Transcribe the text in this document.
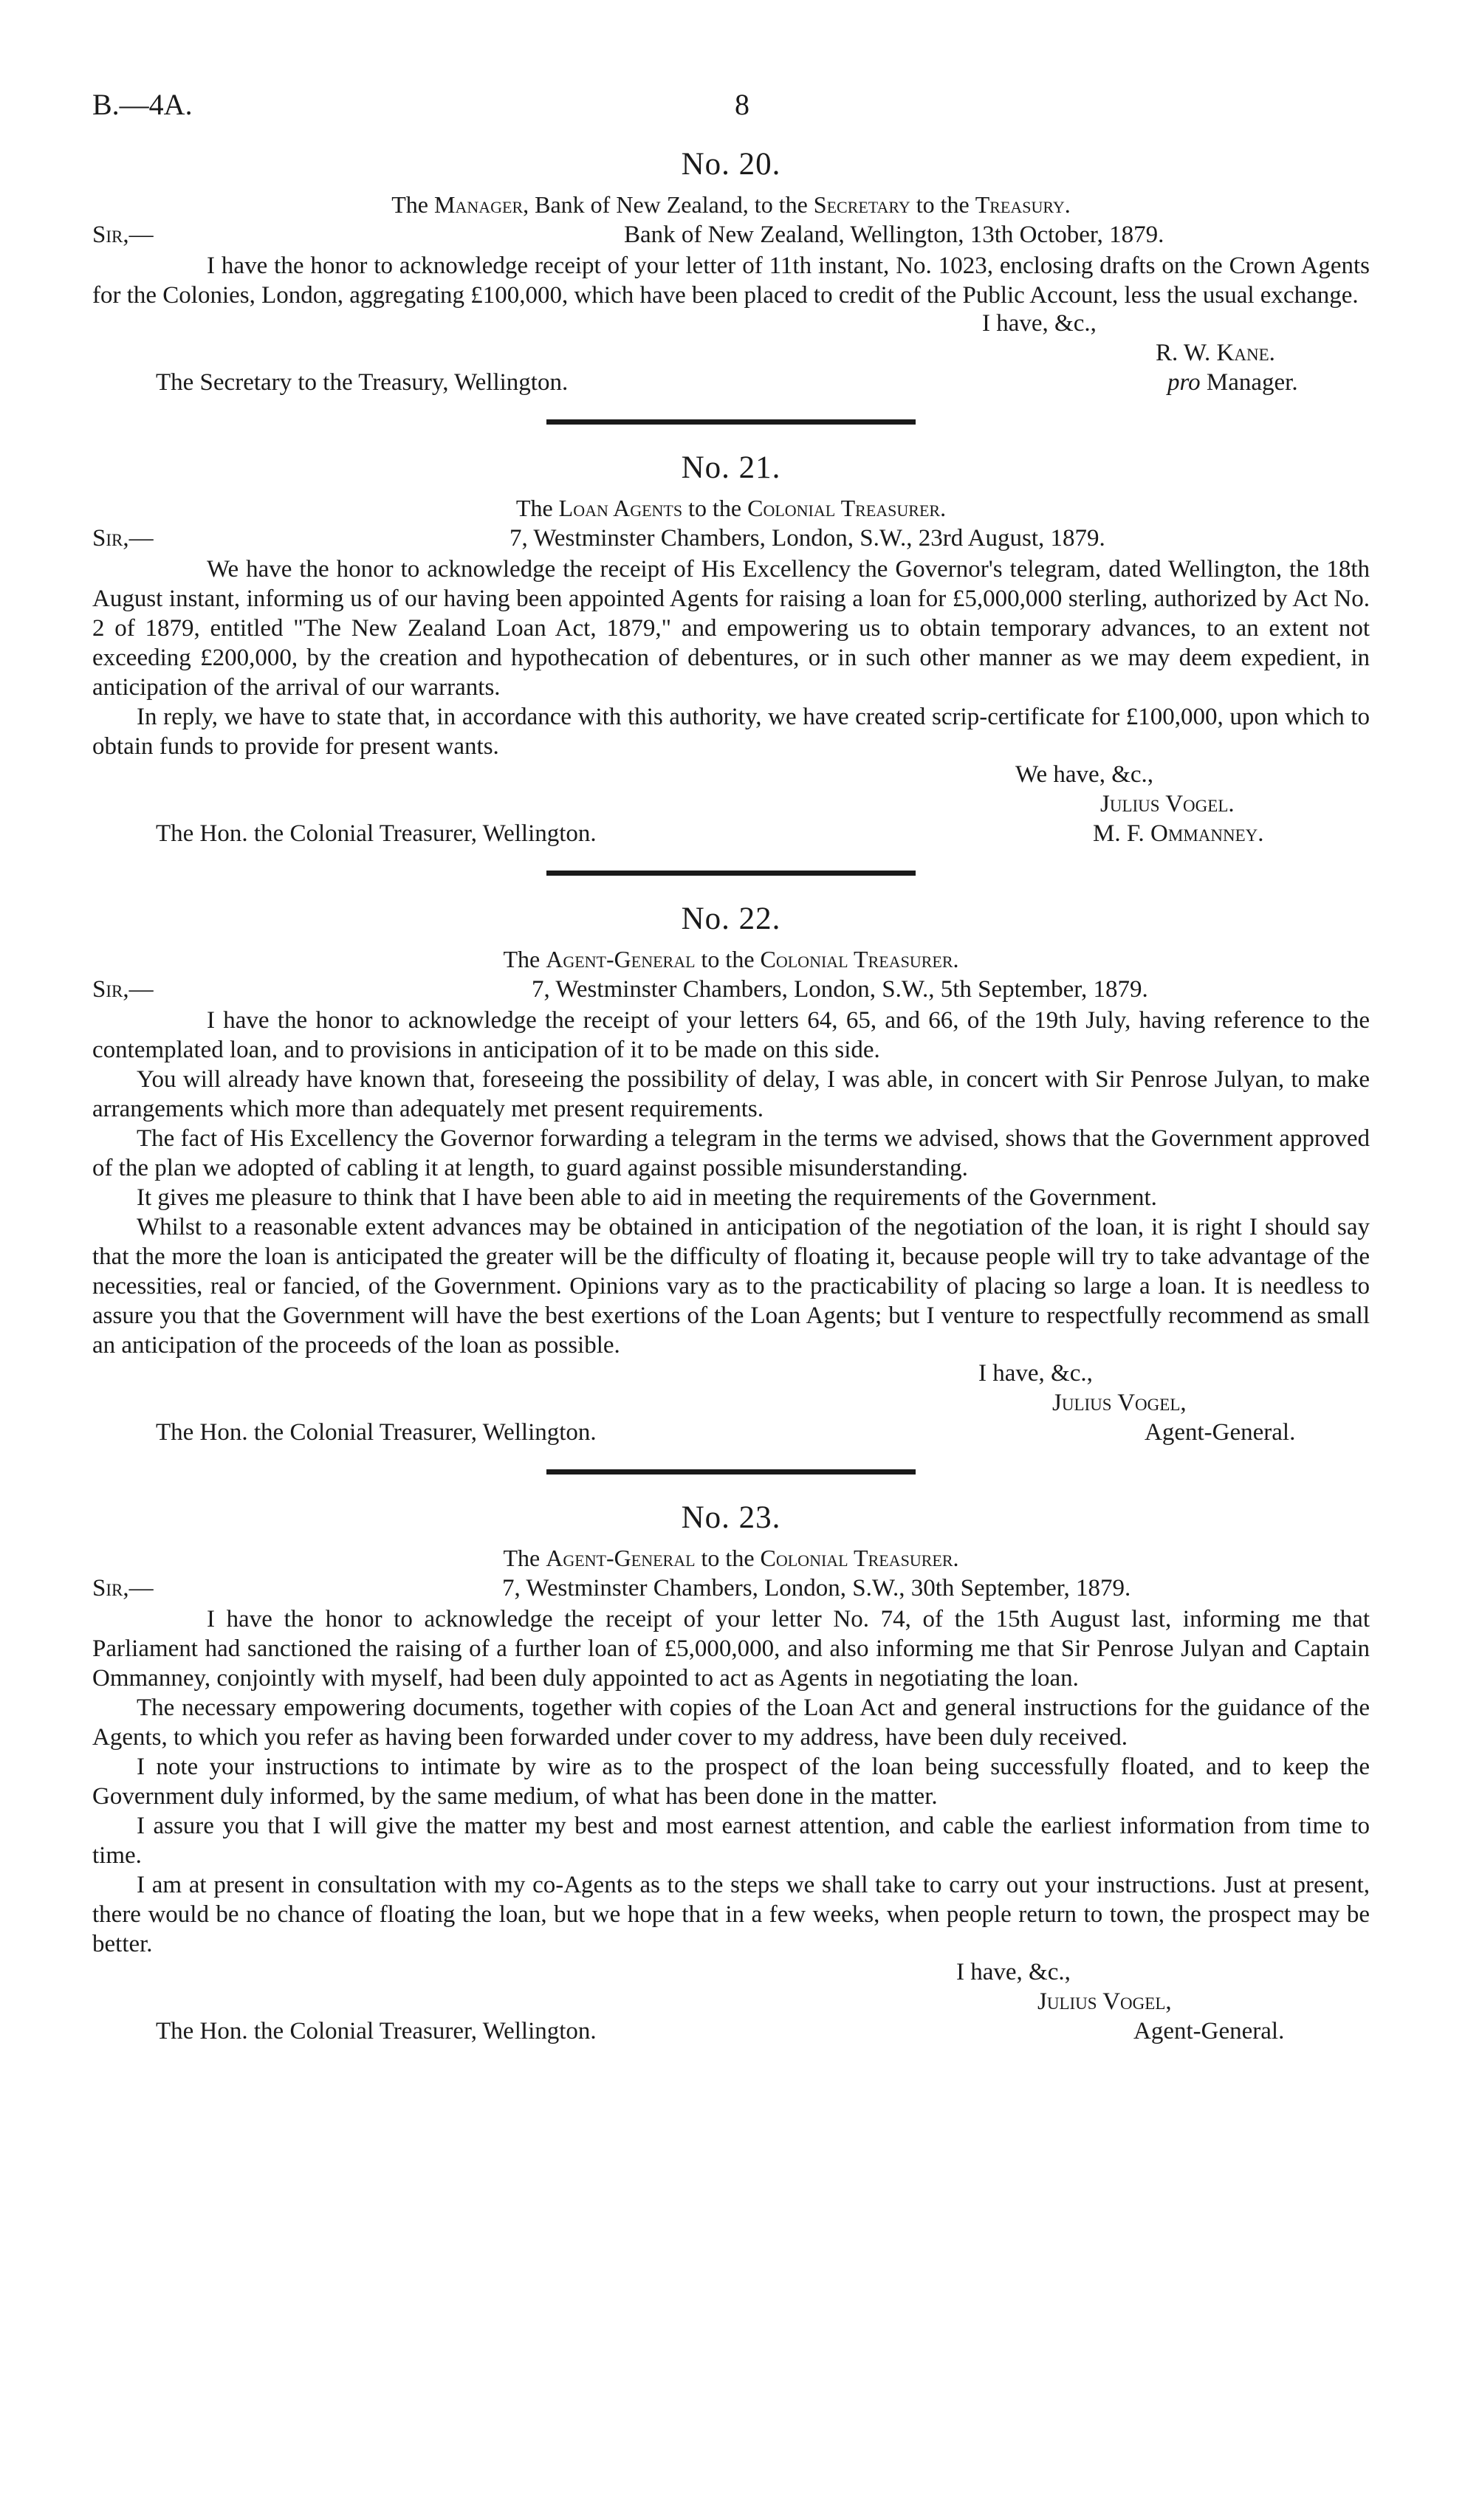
B.—4A.	8
No. 20.
The Manager, Bank of New Zealand, to the Secretary to the Treasury.
Sir,—	Bank of New Zealand, Wellington, 13th October, 1879.

I have the honor to acknowledge receipt of your letter of 11th instant, No. 1023, enclosing drafts on the Crown Agents for the Colonies, London, aggregating £100,000, which have been placed to credit of the Public Account, less the usual exchange.

I have, &c.,
R. W. Kane.
The Secretary to the Treasury, Wellington.	pro Manager.
No. 21.
The Loan Agents to the Colonial Treasurer.
Sir,—	7, Westminster Chambers, London, S.W., 23rd August, 1879.

We have the honor to acknowledge the receipt of His Excellency the Governor's telegram, dated Wellington, the 18th August instant, informing us of our having been appointed Agents for raising a loan for £5,000,000 sterling, authorized by Act No. 2 of 1879, entitled "The New Zealand Loan Act, 1879," and empowering us to obtain temporary advances, to an extent not exceeding £200,000, by the creation and hypothecation of debentures, or in such other manner as we may deem expedient, in anticipation of the arrival of our warrants.

In reply, we have to state that, in accordance with this authority, we have created scrip-certificate for £100,000, upon which to obtain funds to provide for present wants.

We have, &c.,
Julius Vogel.
The Hon. the Colonial Treasurer, Wellington.	M. F. Ommanney.
No. 22.
The Agent-General to the Colonial Treasurer.
Sir,—	7, Westminster Chambers, London, S.W., 5th September, 1879.

I have the honor to acknowledge the receipt of your letters 64, 65, and 66, of the 19th July, having reference to the contemplated loan, and to provisions in anticipation of it to be made on this side.

You will already have known that, foreseeing the possibility of delay, I was able, in concert with Sir Penrose Julyan, to make arrangements which more than adequately met present requirements.

The fact of His Excellency the Governor forwarding a telegram in the terms we advised, shows that the Government approved of the plan we adopted of cabling it at length, to guard against possible misunderstanding.

It gives me pleasure to think that I have been able to aid in meeting the requirements of the Government.

Whilst to a reasonable extent advances may be obtained in anticipation of the negotiation of the loan, it is right I should say that the more the loan is anticipated the greater will be the difficulty of floating it, because people will try to take advantage of the necessities, real or fancied, of the Government. Opinions vary as to the practicability of placing so large a loan. It is needless to assure you that the Government will have the best exertions of the Loan Agents; but I venture to respectfully recommend as small an anticipation of the proceeds of the loan as possible.

I have, &c.,
Julius Vogel,
The Hon. the Colonial Treasurer, Wellington.	Agent-General.
No. 23.
The Agent-General to the Colonial Treasurer.
Sir,—	7, Westminster Chambers, London, S.W., 30th September, 1879.

I have the honor to acknowledge the receipt of your letter No. 74, of the 15th August last, informing me that Parliament had sanctioned the raising of a further loan of £5,000,000, and also informing me that Sir Penrose Julyan and Captain Ommanney, conjointly with myself, had been duly appointed to act as Agents in negotiating the loan.

The necessary empowering documents, together with copies of the Loan Act and general instructions for the guidance of the Agents, to which you refer as having been forwarded under cover to my address, have been duly received.

I note your instructions to intimate by wire as to the prospect of the loan being successfully floated, and to keep the Government duly informed, by the same medium, of what has been done in the matter.

I assure you that I will give the matter my best and most earnest attention, and cable the earliest information from time to time.

I am at present in consultation with my co-Agents as to the steps we shall take to carry out your instructions. Just at present, there would be no chance of floating the loan, but we hope that in a few weeks, when people return to town, the prospect may be better.

I have, &c.,
Julius Vogel,
The Hon. the Colonial Treasurer, Wellington.	Agent-General.
